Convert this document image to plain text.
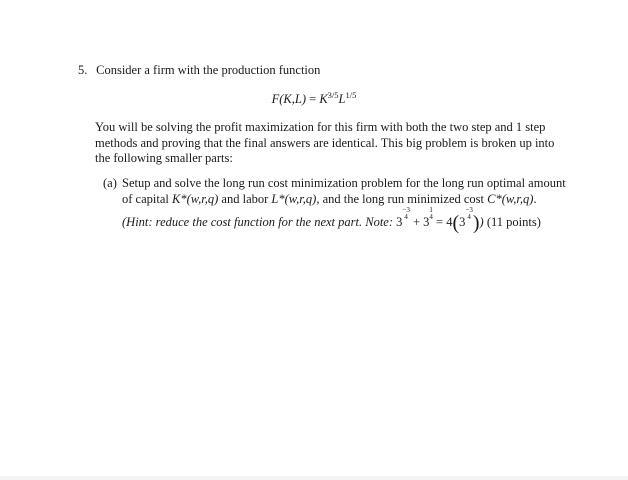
5. Consider a firm with the production function
$F(K,L) = K^{3/5}L^{1/5}$
You will be solving the profit maximization for this firm with both the two step and 1 step
methods and proving that the final answers are identical. This big problem is broken up into
the following smaller parts:
(a) Setup and solve the long run cost minimization problem for the long run optimal amount
of capital K*(w,r,q) and labor L*(w,r,q), and the long run minimized cost C*(w,r,q).
(Hint: reduce the cost function for the next part. Note: 3
−3
4 + 3
1
4 = 4(3
−3
4 )) (11 points)
